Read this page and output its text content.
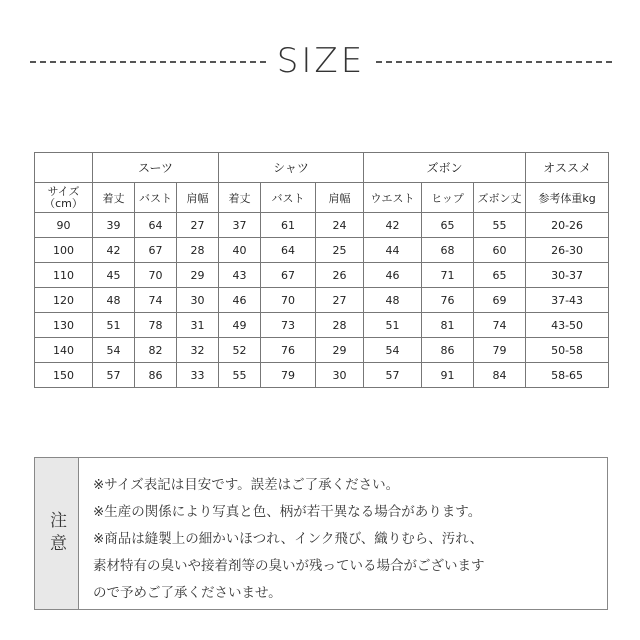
SIZE
	スーツ			シャツ			ズボン			オススメ
サイズ
（cm）	着丈	バスト	肩幅	着丈	バスト	肩幅	ウエスト	ヒップ	ズボン丈	参考体重kg
90	39	64	27	37	61	24	42	65	55	20-26
100	42	67	28	40	64	25	44	68	60	26-30
110	45	70	29	43	67	26	46	71	65	30-37
120	48	74	30	46	70	27	48	76	69	37-43
130	51	78	31	49	73	28	51	81	74	43-50
140	54	82	32	52	76	29	54	86	79	50-58
150	57	86	33	55	79	30	57	91	84	58-65
注意
※サイズ表記は目安です。誤差はご了承ください。
※生産の関係により写真と色、柄が若干異なる場合があります。
※商品は縫製上の細かいほつれ、インク飛び、織りむら、汚れ、
素材特有の臭いや接着剤等の臭いが残っている場合がございます
ので予めご了承くださいませ。
